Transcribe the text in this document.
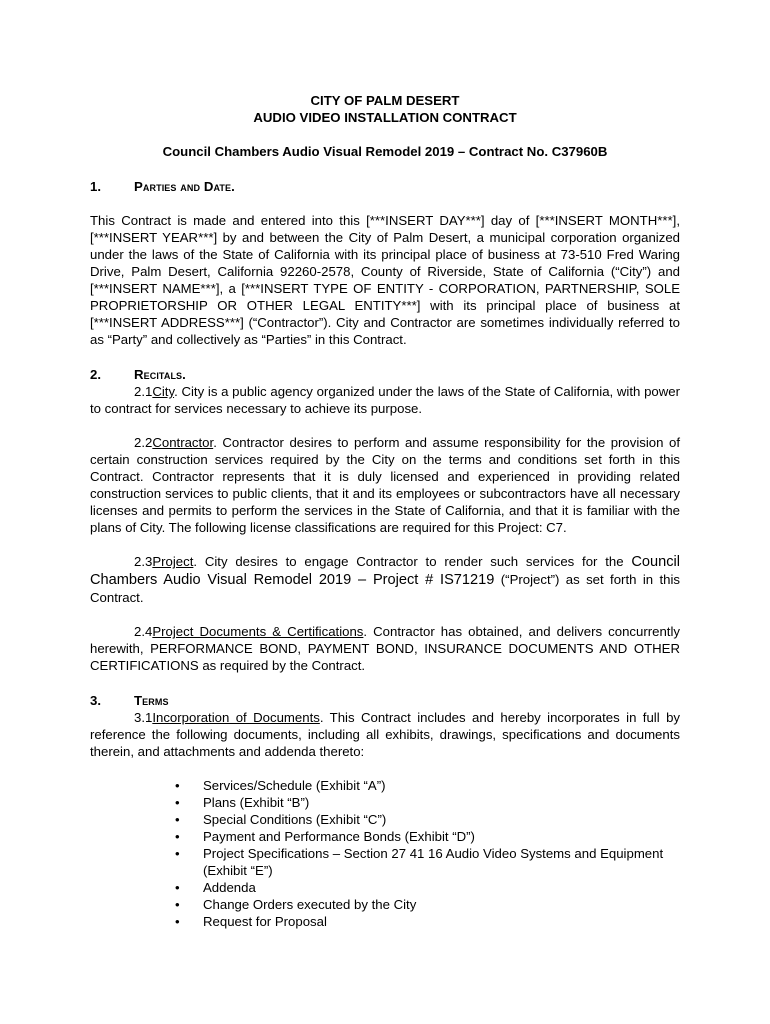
CITY OF PALM DESERT
AUDIO VIDEO INSTALLATION CONTRACT
Council Chambers Audio Visual Remodel 2019 – Contract No. C37960B
1.	Parties and Date.

This Contract is made and entered into this [***INSERT DAY***] day of [***INSERT MONTH***], [***INSERT YEAR***] by and between the City of Palm Desert, a municipal corporation organized under the laws of the State of California with its principal place of business at 73-510 Fred Waring Drive, Palm Desert, California 92260-2578, County of Riverside, State of California (“City”) and [***INSERT NAME***], a [***INSERT TYPE OF ENTITY - CORPORATION, PARTNERSHIP, SOLE PROPRIETORSHIP OR OTHER LEGAL ENTITY***] with its principal place of business at [***INSERT ADDRESS***] (“Contractor”). City and Contractor are sometimes individually referred to as “Party” and collectively as “Parties” in this Contract.

2.	Recitals.

2.1City. City is a public agency organized under the laws of the State of California, with power to contract for services necessary to achieve its purpose.

2.2Contractor. Contractor desires to perform and assume responsibility for the provision of certain construction services required by the City on the terms and conditions set forth in this Contract. Contractor represents that it is duly licensed and experienced in providing related construction services to public clients, that it and its employees or subcontractors have all necessary licenses and permits to perform the services in the State of California, and that it is familiar with the plans of City. The following license classifications are required for this Project: C7.

2.3Project. City desires to engage Contractor to render such services for the Council Chambers Audio Visual Remodel 2019 – Project # IS71219 (“Project”) as set forth in this Contract.

2.4Project Documents & Certifications. Contractor has obtained, and delivers concurrently herewith, PERFORMANCE BOND, PAYMENT BOND, INSURANCE DOCUMENTS AND OTHER CERTIFICATIONS as required by the Contract.

3.	Terms

3.1Incorporation of Documents. This Contract includes and hereby incorporates in full by reference the following documents, including all exhibits, drawings, specifications and documents therein, and attachments and addenda thereto:

• Services/Schedule (Exhibit “A”)
• Plans (Exhibit “B”)
• Special Conditions (Exhibit “C”)
• Payment and Performance Bonds (Exhibit “D”)
• Project Specifications – Section 27 41 16 Audio Video Systems and Equipment (Exhibit “E”)
• Addenda
• Change Orders executed by the City
• Request for Proposal
